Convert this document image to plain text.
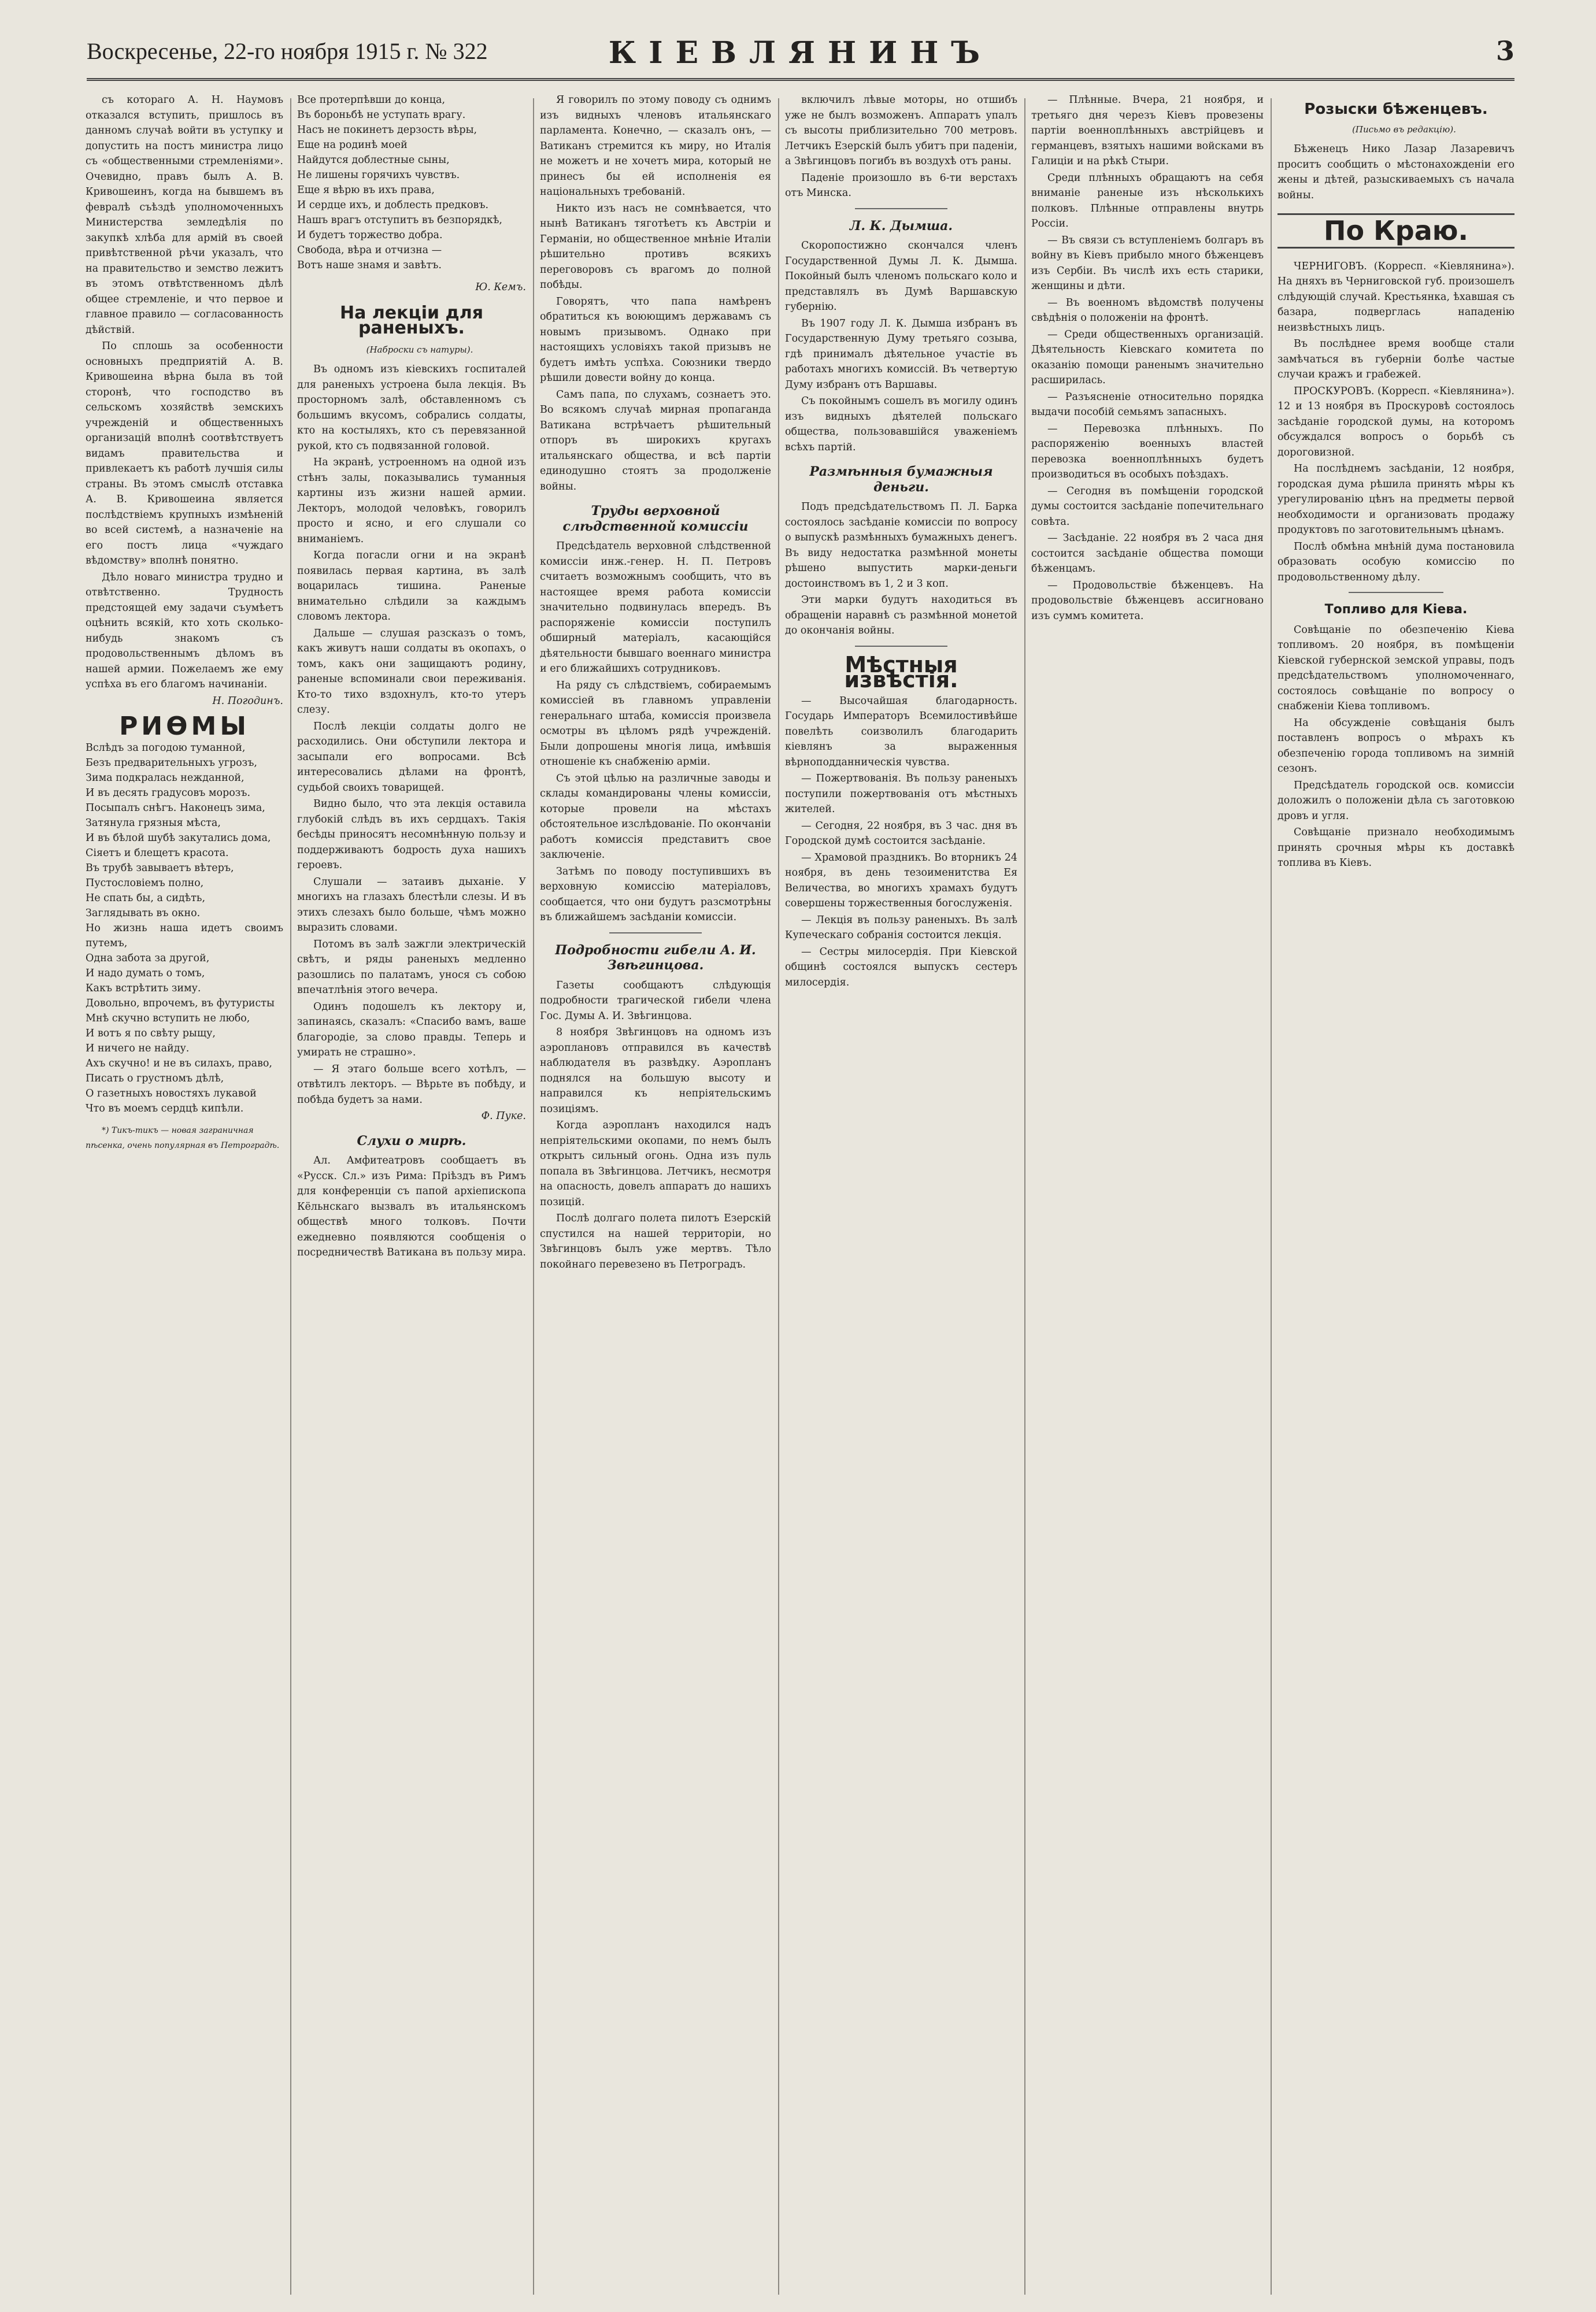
Воскресенье, 22-го ноября 1915 г. № 322	КІЕВЛЯНИНЪ	3

съ котораго А. Н. Наумовъ отказался вступить, пришлось въ данномъ случаѣ войти въ уступку и допустить на постъ министра лицо съ «общественными стремленіями». Очевидно, правъ былъ А. В. Кривошеинъ, когда на бывшемъ въ февралѣ съѣздѣ уполномоченныхъ Министерства земледѣлія по закупкѣ хлѣба для армій въ своей привѣтственной рѣчи указалъ, что на правительство и земство лежитъ въ этомъ отвѣтственномъ дѣлѣ общее стремленіе, и что первое и главное правило — согласованность дѣйствій.

По сплошь за особенности основныхъ предприятій А. В. Кривошеина вѣрна была въ той сторонѣ, что господство въ сельскомъ хозяйствѣ земскихъ учрежденій и общественныхъ организацій вполнѣ соотвѣтствуетъ видамъ правительства и привлекаетъ къ работѣ лучшія силы страны. Въ этомъ смыслѣ отставка А. В. Кривошеина является послѣдствіемъ крупныхъ измѣненій во всей системѣ, а назначеніе на его постъ лица «чуждаго вѣдомству» вполнѣ понятно.

Дѣло новаго министра трудно и отвѣтственно. Трудность предстоящей ему задачи съумѣетъ оцѣнить всякій, кто хоть сколько-нибудь знакомъ съ продовольственнымъ дѣломъ въ нашей армии. Пожелаемъ же ему успѣха въ его благомъ начинаніи.

Н. Погодинъ.

РИѲМЫ
Вслѣдъ за погодою туманной,
Безъ предварительныхъ угрозъ,
Зима подкралась нежданной,
И въ десять градусовъ морозъ.
Посыпалъ снѣгъ. Наконецъ зима,
Затянула грязныя мѣста,
И въ бѣлой шубѣ закутались дома,
Сіяетъ и блещетъ красота.
Въ трубѣ завываетъ вѣтеръ,
Пустословіемъ полно,
Не спать бы, а сидѣть,
Заглядывать въ окно.
Но жизнь наша идетъ своимъ путемъ,
Одна забота за другой,
И надо думать о томъ,
Какъ встрѣтить зиму.
Довольно, впрочемъ, въ футуристы
Мнѣ скучно вступить не любо,
И вотъ я по свѣту рыщу,
И ничего не найду.
Ахъ скучно! и не въ силахъ, право,
Писать о грустномъ дѣлѣ,
О газетныхъ новостяхъ лукавой
Что въ моемъ сердцѣ кипѣли.

*) Тикъ-тикъ — новая заграничная пѣсенка, очень популярная въ Петроградѣ.

Все протерпѣвши до конца,
Въ бороньбѣ не уступать врагу.
Насъ не покинетъ дерзость вѣры,
Еще на родинѣ моей
Найдутся доблестные сыны,
Не лишены горячихъ чувствъ.
Еще я вѣрю въ ихъ права,
И сердце ихъ, и доблесть предковъ.
Нашъ врагъ отступитъ въ безпорядкѣ,
И будетъ торжество добра.
Свобода, вѣра и отчизна —
Вотъ наше знамя и завѣтъ.

Ю. Кемъ.

На лекціи для раненыхъ.

(Наброски съ натуры).

Въ одномъ изъ кіевскихъ госпиталей для раненыхъ устроена была лекція. Въ просторномъ залѣ, обставленномъ съ большимъ вкусомъ, собрались солдаты, кто на костыляхъ, кто съ перевязанной рукой, кто съ подвязанной головой.

На экранѣ, устроенномъ на одной изъ стѣнъ залы, показывались туманныя картины изъ жизни нашей армии. Лекторъ, молодой человѣкъ, говорилъ просто и ясно, и его слушали со вниманіемъ.

Когда погасли огни и на экранѣ появилась первая картина, въ залѣ воцарилась тишина. Раненые внимательно слѣдили за каждымъ словомъ лектора.

Дальше — слушая разсказъ о томъ, какъ живутъ наши солдаты въ окопахъ, о томъ, какъ они защищаютъ родину, раненые вспоминали свои переживанія. Кто-то тихо вздохнулъ, кто-то утеръ слезу.

Послѣ лекціи солдаты долго не расходились. Они обступили лектора и засыпали его вопросами. Всѣ интересовались дѣлами на фронтѣ, судьбой своихъ товарищей.

Видно было, что эта лекція оставила глубокій слѣдъ въ ихъ сердцахъ. Такія бесѣды приносятъ несомнѣнную пользу и поддерживаютъ бодрость духа нашихъ героевъ.

Слушали — затаивъ дыханіе. У многихъ на глазахъ блестѣли слезы. И въ этихъ слезахъ было больше, чѣмъ можно выразить словами.

Потомъ въ залѣ зажгли электрическій свѣтъ, и ряды раненыхъ медленно разошлись по палатамъ, унося съ собою впечатлѣнія этого вечера.

Одинъ подошелъ къ лектору и, запинаясь, сказалъ: «Спасибо вамъ, ваше благородіе, за слово правды. Теперь и умирать не страшно».

— Я этаго больше всего хотѣлъ, — отвѣтилъ лекторъ. — Вѣрьте въ побѣду, и побѣда будетъ за нами.

Ф. Пуке.

Слухи о мирѣ.

Ал. Амфитеатровъ сообщаетъ въ «Русск. Сл.» изъ Рима: Пріѣздъ въ Римъ для конференціи съ папой архіепископа Кёльнскаго вызвалъ въ итальянскомъ обществѣ много толковъ. Почти ежедневно появляются сообщенія о посредничествѣ Ватикана въ пользу мира.

Я говорилъ по этому поводу съ однимъ изъ видныхъ членовъ итальянскаго парламента. Конечно, — сказалъ онъ, — Ватиканъ стремится къ миру, но Италія не можетъ и не хочетъ мира, который не принесъ бы ей исполненія ея національныхъ требованій.

Никто изъ насъ не сомнѣвается, что нынѣ Ватиканъ тяготѣетъ къ Австріи и Германіи, но общественное мнѣніе Италіи рѣшительно противъ всякихъ переговоровъ съ врагомъ до полной побѣды.

Говорятъ, что папа намѣренъ обратиться къ воюющимъ державамъ съ новымъ призывомъ. Однако при настоящихъ условіяхъ такой призывъ не будетъ имѣть успѣха. Союзники твердо рѣшили довести войну до конца.

Самъ папа, по слухамъ, сознаетъ это. Во всякомъ случаѣ мирная пропаганда Ватикана встрѣчаетъ рѣшительный отпоръ въ широкихъ кругахъ итальянскаго общества, и всѣ партіи единодушно стоятъ за продолженіе войны.

Труды верховной слѣдственной комиссіи

Предсѣдатель верховной слѣдственной комиссіи инж.-генер. Н. П. Петровъ считаетъ возможнымъ сообщить, что въ настоящее время работа комиссіи значительно подвинулась впередъ. Въ распоряженіе комиссіи поступилъ обширный матеріалъ, касающійся дѣятельности бывшаго военнаго министра и его ближайшихъ сотрудниковъ.

На ряду съ слѣдствіемъ, собираемымъ комиссіей въ главномъ управленіи генеральнаго штаба, комиссія произвела осмотры въ цѣломъ рядѣ учрежденій. Были допрошены многія лица, имѣвшія отношеніе къ снабженію арміи.

Съ этой цѣлью на различные заводы и склады командированы члены комиссіи, которые провели на мѣстахъ обстоятельное изслѣдованіе. По окончаніи работъ комиссія представитъ свое заключеніе.

Затѣмъ по поводу поступившихъ въ верховную комиссію матеріаловъ, сообщается, что они будутъ разсмотрѣны въ ближайшемъ засѣданіи комиссіи.

Подробности гибели А. И. Звѣгинцова.

Газеты сообщаютъ слѣдующія подробности трагической гибели члена Гос. Думы А. И. Звѣгинцова.

8 ноября Звѣгинцовъ на одномъ изъ аэроплановъ отправился въ качествѣ наблюдателя въ развѣдку. Аэропланъ поднялся на большую высоту и направился къ непріятельскимъ позиціямъ.

Когда аэропланъ находился надъ непріятельскими окопами, по немъ былъ открытъ сильный огонь. Одна изъ пуль попала въ Звѣгинцова. Летчикъ, несмотря на опасность, довелъ аппаратъ до нашихъ позицій.

Послѣ долгаго полета пилотъ Езерскій спустился на нашей территоріи, но Звѣгинцовъ былъ уже мертвъ. Тѣло покойнаго перевезено въ Петроградъ.

включилъ лѣвые моторы, но отшибъ уже не былъ возможенъ. Аппаратъ упалъ съ высоты приблизительно 700 метровъ. Летчикъ Езерскій былъ убитъ при паденіи, а Звѣгинцовъ погибъ въ воздухѣ отъ раны.

Паденіе произошло въ 6-ти верстахъ отъ Минска.

Л. К. Дымша.

Скоропостижно скончался членъ Государственной Думы Л. К. Дымша. Покойный былъ членомъ польскаго коло и представлялъ въ Думѣ Варшавскую губернію.

Въ 1907 году Л. К. Дымша избранъ въ Государственную Думу третьяго созыва, гдѣ принималъ дѣятельное участіе въ работахъ многихъ комиссій. Въ четвертую Думу избранъ отъ Варшавы.

Съ покойнымъ сошелъ въ могилу одинъ изъ видныхъ дѣятелей польскаго общества, пользовавшійся уваженіемъ всѣхъ партій.

Размѣнныя бумажныя деньги.

Подъ предсѣдательствомъ П. Л. Барка состоялось засѣданіе комиссіи по вопросу о выпускѣ размѣнныхъ бумажныхъ денегъ. Въ виду недостатка размѣнной монеты рѣшено выпустить марки-деньги достоинствомъ въ 1, 2 и 3 коп.

Эти марки будутъ находиться въ обращеніи наравнѣ съ размѣнной монетой до окончанія войны.

Мѣстныя извѣстія.

— Высочайшая благодарность. Государь Императоръ Всемилостивѣйше повелѣть соизволилъ благодарить кіевлянъ за выраженныя вѣрноподданническія чувства.

— Пожертвованія. Въ пользу раненыхъ поступили пожертвованія отъ мѣстныхъ жителей.

— Сегодня, 22 ноября, въ 3 час. дня въ Городской думѣ состоится засѣданіе.

— Храмовой праздникъ. Во вторникъ 24 ноября, въ день тезоименитства Ея Величества, во многихъ храмахъ будутъ совершены торжественныя богослуженія.

— Лекція въ пользу раненыхъ. Въ залѣ Купеческаго собранія состоится лекція.

— Сестры милосердія. При Кіевской общинѣ состоялся выпускъ сестеръ милосердія.

— Плѣнные. Вчера, 21 ноября, и третьяго дня черезъ Кіевъ провезены партіи военноплѣнныхъ австрійцевъ и германцевъ, взятыхъ нашими войсками въ Галиціи и на рѣкѣ Стыри.

Среди плѣнныхъ обращаютъ на себя вниманіе раненые изъ нѣсколькихъ полковъ. Плѣнные отправлены внутрь Россіи.

— Въ связи съ вступленіемъ болгаръ въ войну въ Кіевъ прибыло много бѣженцевъ изъ Сербіи. Въ числѣ ихъ есть старики, женщины и дѣти.

— Въ военномъ вѣдомствѣ получены свѣдѣнія о положеніи на фронтѣ.

— Среди общественныхъ организацій. Дѣятельность Кіевскаго комитета по оказанію помощи раненымъ значительно расширилась.

— Разъясненіе относительно порядка выдачи пособій семьямъ запасныхъ.

— Перевозка плѣнныхъ. По распоряженію военныхъ властей перевозка военноплѣнныхъ будетъ производиться въ особыхъ поѣздахъ.

— Сегодня въ помѣщеніи городской думы состоится засѣданіе попечительнаго совѣта.

— Засѣданіе. 22 ноября въ 2 часа дня состоится засѣданіе общества помощи бѣженцамъ.

— Продовольствіе бѣженцевъ. На продовольствіе бѣженцевъ ассигновано изъ суммъ комитета.

Розыски бѣженцевъ.

(Письмо въ редакцію).

Бѣженецъ Нико Лазар Лазаревичъ проситъ сообщить о мѣстонахожденіи его жены и дѣтей, разыскиваемыхъ съ начала войны.

По Краю.

ЧЕРНИГОВЪ. (Корресп. «Кіевлянина»). На дняхъ въ Черниговской губ. произошелъ слѣдующій случай. Крестьянка, ѣхавшая съ базара, подверглась нападенію неизвѣстныхъ лицъ.

Въ послѣднее время вообще стали замѣчаться въ губерніи болѣе частые случаи кражъ и грабежей.

ПРОСКУРОВЪ. (Корресп. «Кіевлянина»). 12 и 13 ноября въ Проскуровѣ состоялось засѣданіе городской думы, на которомъ обсуждался вопросъ о борьбѣ съ дороговизной.

На послѣднемъ засѣданіи, 12 ноября, городская дума рѣшила принять мѣры къ урегулированію цѣнъ на предметы первой необходимости и организовать продажу продуктовъ по заготовительнымъ цѣнамъ.

Послѣ обмѣна мнѣній дума постановила образовать особую комиссію по продовольственному дѣлу.

Топливо для Кіева.

Совѣщаніе по обезпеченію Кіева топливомъ. 20 ноября, въ помѣщеніи Кіевской губернской земской управы, подъ предсѣдательствомъ уполномоченнаго, состоялось совѣщаніе по вопросу о снабженіи Кіева топливомъ.

На обсужденіе совѣщанія былъ поставленъ вопросъ о мѣрахъ къ обезпеченію города топливомъ на зимній сезонъ.

Предсѣдатель городской осв. комиссіи доложилъ о положеніи дѣла съ заготовкою дровъ и угля.

Совѣщаніе признало необходимымъ принять срочныя мѣры къ доставкѣ топлива въ Кіевъ.
